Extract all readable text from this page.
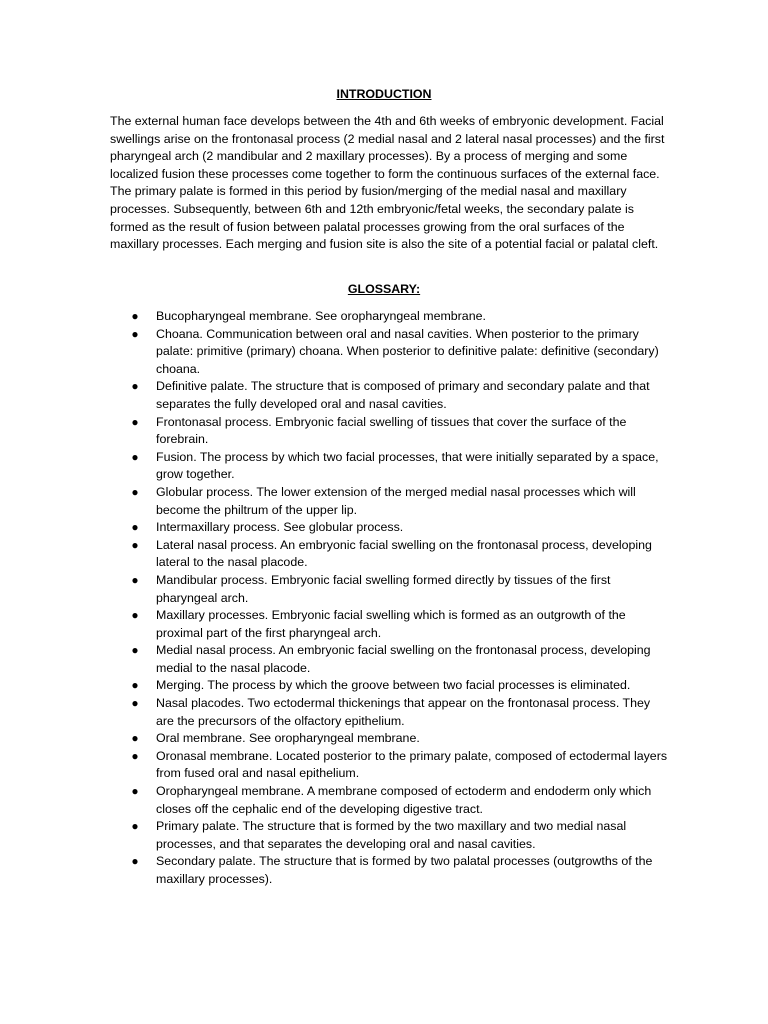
INTRODUCTION

The external human face develops between the 4th and 6th weeks of embryonic development. Facial swellings arise on the frontonasal process (2 medial nasal and 2 lateral nasal processes) and the first pharyngeal arch (2 mandibular and 2 maxillary processes). By a process of merging and some localized fusion these processes come together to form the continuous surfaces of the external face. The primary palate is formed in this period by fusion/merging of the medial nasal and maxillary processes. Subsequently, between 6th and 12th embryonic/fetal weeks, the secondary palate is formed as the result of fusion between palatal processes growing from the oral surfaces of the maxillary processes. Each merging and fusion site is also the site of a potential facial or palatal cleft.

GLOSSARY:
● Bucopharyngeal membrane. See oropharyngeal membrane.
● Choana. Communication between oral and nasal cavities. When posterior to the primary palate: primitive (primary) choana. When posterior to definitive palate: definitive (secondary) choana.
● Definitive palate. The structure that is composed of primary and secondary palate and that separates the fully developed oral and nasal cavities.
● Frontonasal process. Embryonic facial swelling of tissues that cover the surface of the forebrain.
● Fusion. The process by which two facial processes, that were initially separated by a space, grow together.
● Globular process. The lower extension of the merged medial nasal processes which will become the philtrum of the upper lip.
● Intermaxillary process. See globular process.
● Lateral nasal process. An embryonic facial swelling on the frontonasal process, developing lateral to the nasal placode.
● Mandibular process. Embryonic facial swelling formed directly by tissues of the first pharyngeal arch.
● Maxillary processes. Embryonic facial swelling which is formed as an outgrowth of the proximal part of the first pharyngeal arch.
● Medial nasal process. An embryonic facial swelling on the frontonasal process, developing medial to the nasal placode.
● Merging. The process by which the groove between two facial processes is eliminated.
● Nasal placodes. Two ectodermal thickenings that appear on the frontonasal process. They are the precursors of the olfactory epithelium.
● Oral membrane. See oropharyngeal membrane.
● Oronasal membrane. Located posterior to the primary palate, composed of ectodermal layers from fused oral and nasal epithelium.
● Oropharyngeal membrane. A membrane composed of ectoderm and endoderm only which closes off the cephalic end of the developing digestive tract.
● Primary palate. The structure that is formed by the two maxillary and two medial nasal processes, and that separates the developing oral and nasal cavities.
● Secondary palate. The structure that is formed by two palatal processes (outgrowths of the maxillary processes).
